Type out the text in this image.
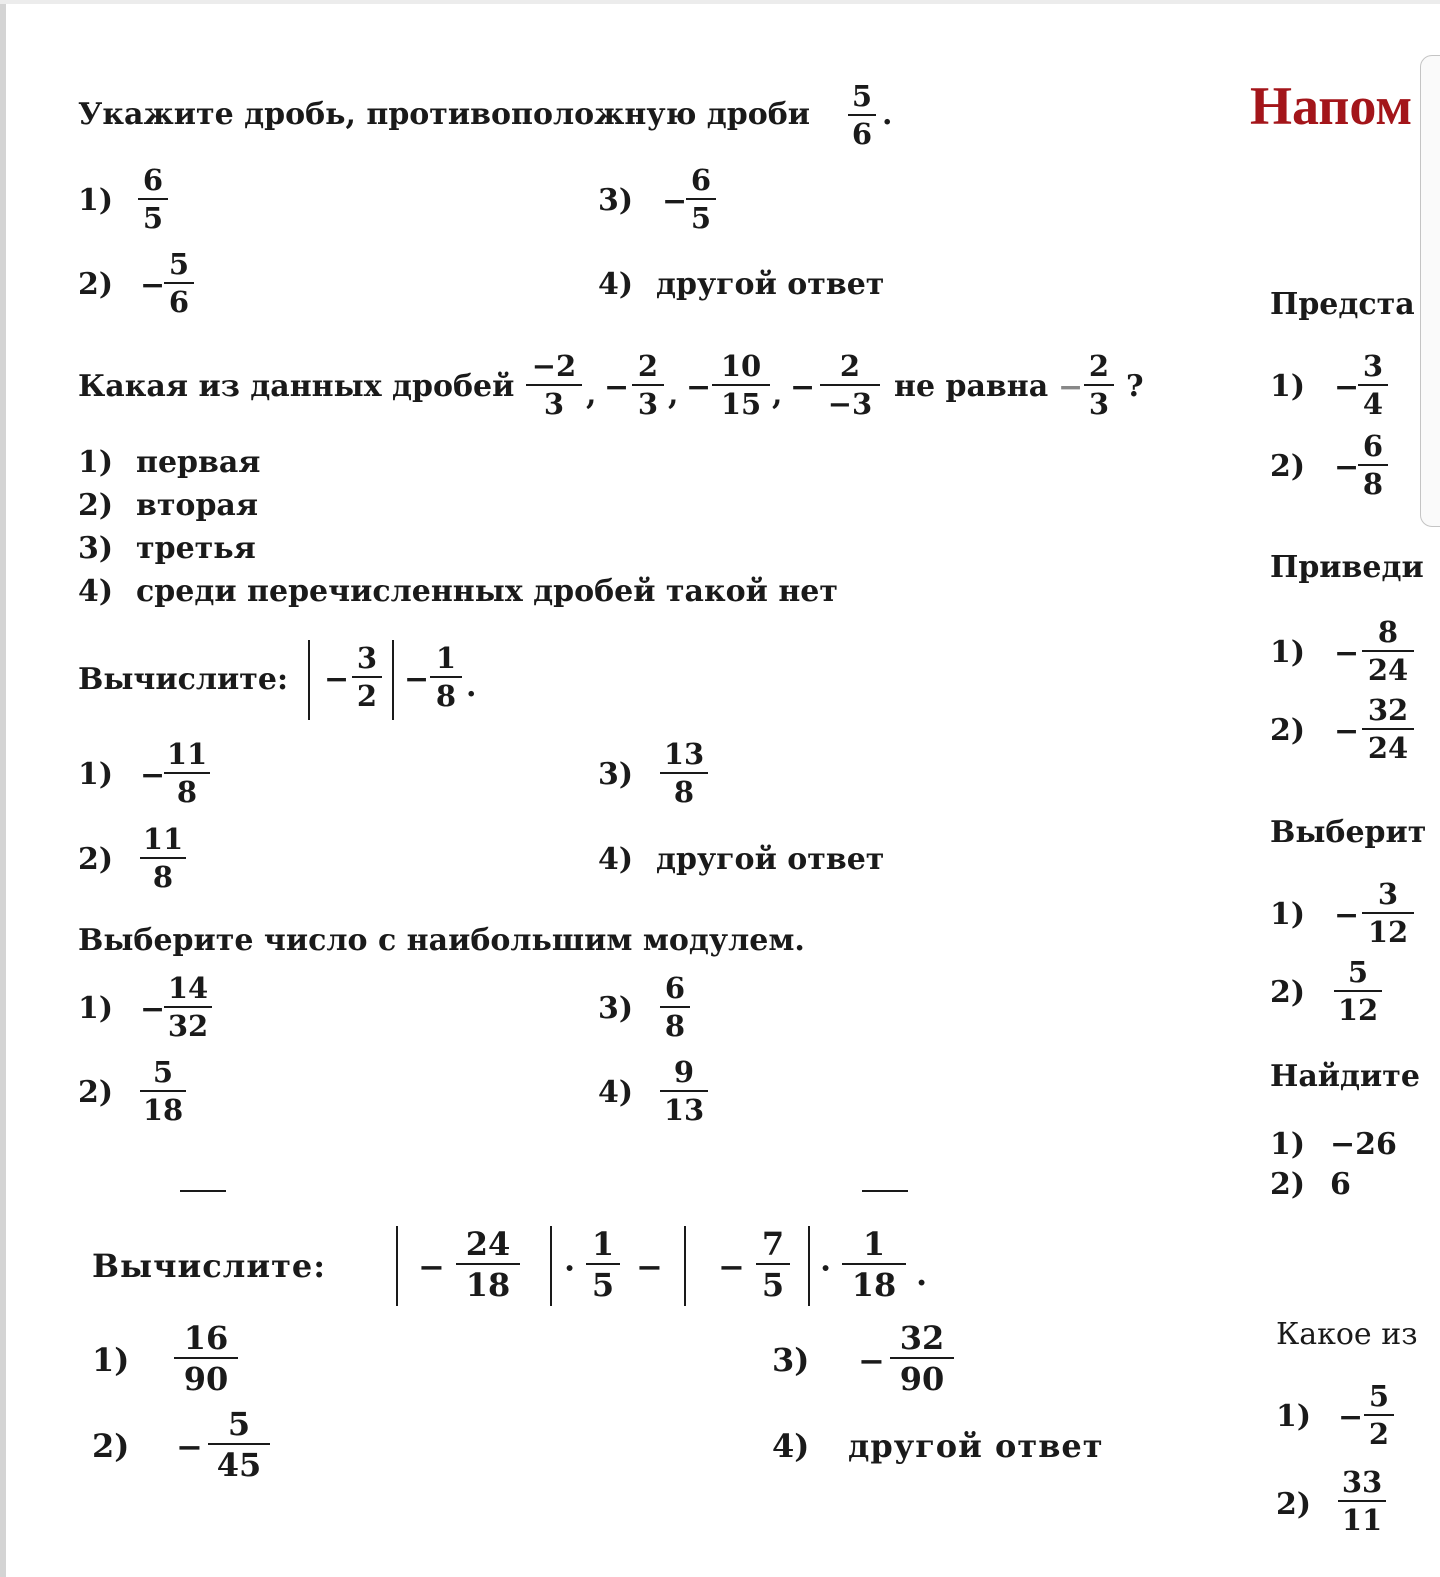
Укажите дробь, противоположную дроби
5
6
.
1)
6
5
2) −
5
6
3) −
6
5
4) другой ответ
Какая из данных дробей
−2
3 , −
2
3 , −
10
15 , −
2
−3 не равна −
2
3 ?
1) первая
2) вторая
3) третья
4) среди перечисленных дробей такой нет
Вычислите: −
3
2 −
1
8 .
1) −
11
8
2)
11
8
3)
13
8
4) другой ответ
Выберите число с наибольшим модулем.
1) −
14
32
2)
5
18
3)
6
8
4)
9
13
Вычислите:	−
24
18	·
1
5 − −
7
5 ·
1
18 .
1)
16
90
2) −
5
45
3) −
32
90
4) другой ответ
Напом
Предста
1) −
3
4
2) −
6
8
Приведи
1) −
8
24
2) −
32
24
Выберит
1) −
3
12
2)
5
12
Найдите
1) −26
2) 6
Какое из
1) −
5
2
2)
33
11
